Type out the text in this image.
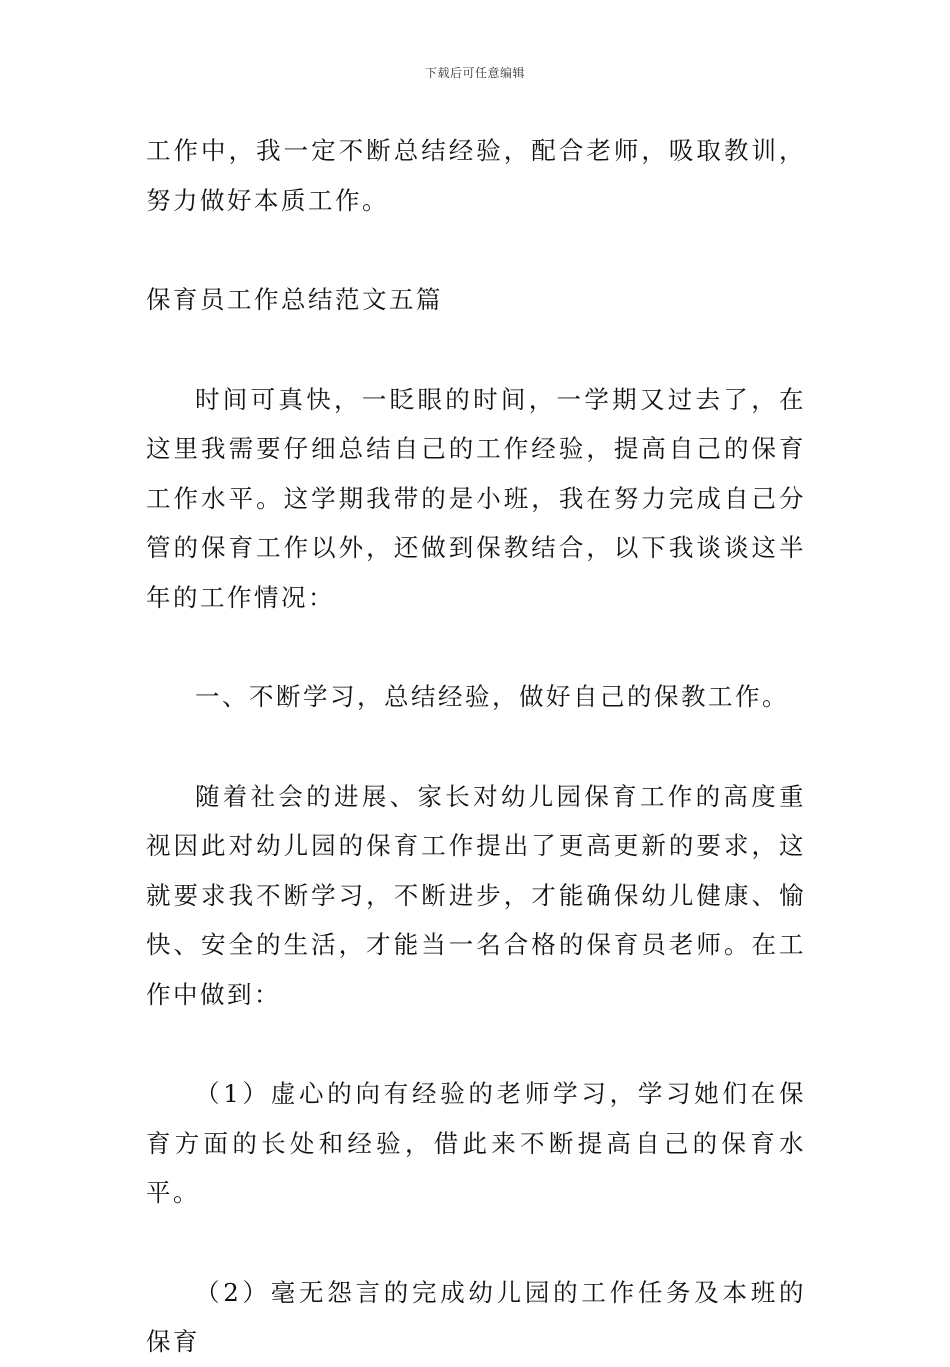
下载后可任意编辑

工作中，我一定不断总结经验，配合老师，吸取教训，努力做好本质工作。

保育员工作总结范文五篇

时间可真快，一眨眼的时间，一学期又过去了，在这里我需要仔细总结自己的工作经验，提高自己的保育工作水平。这学期我带的是小班，我在努力完成自己分管的保育工作以外，还做到保教结合，以下我谈谈这半年的工作情况：

一、不断学习，总结经验，做好自己的保教工作。

随着社会的进展、家长对幼儿园保育工作的高度重视因此对幼儿园的保育工作提出了更高更新的要求，这就要求我不断学习，不断进步，才能确保幼儿健康、愉快、安全的生活，才能当一名合格的保育员老师。在工作中做到：

（1）虚心的向有经验的老师学习，学习她们在保育方面的长处和经验，借此来不断提高自己的保育水平。

（2）毫无怨言的完成幼儿园的工作任务及本班的保育
